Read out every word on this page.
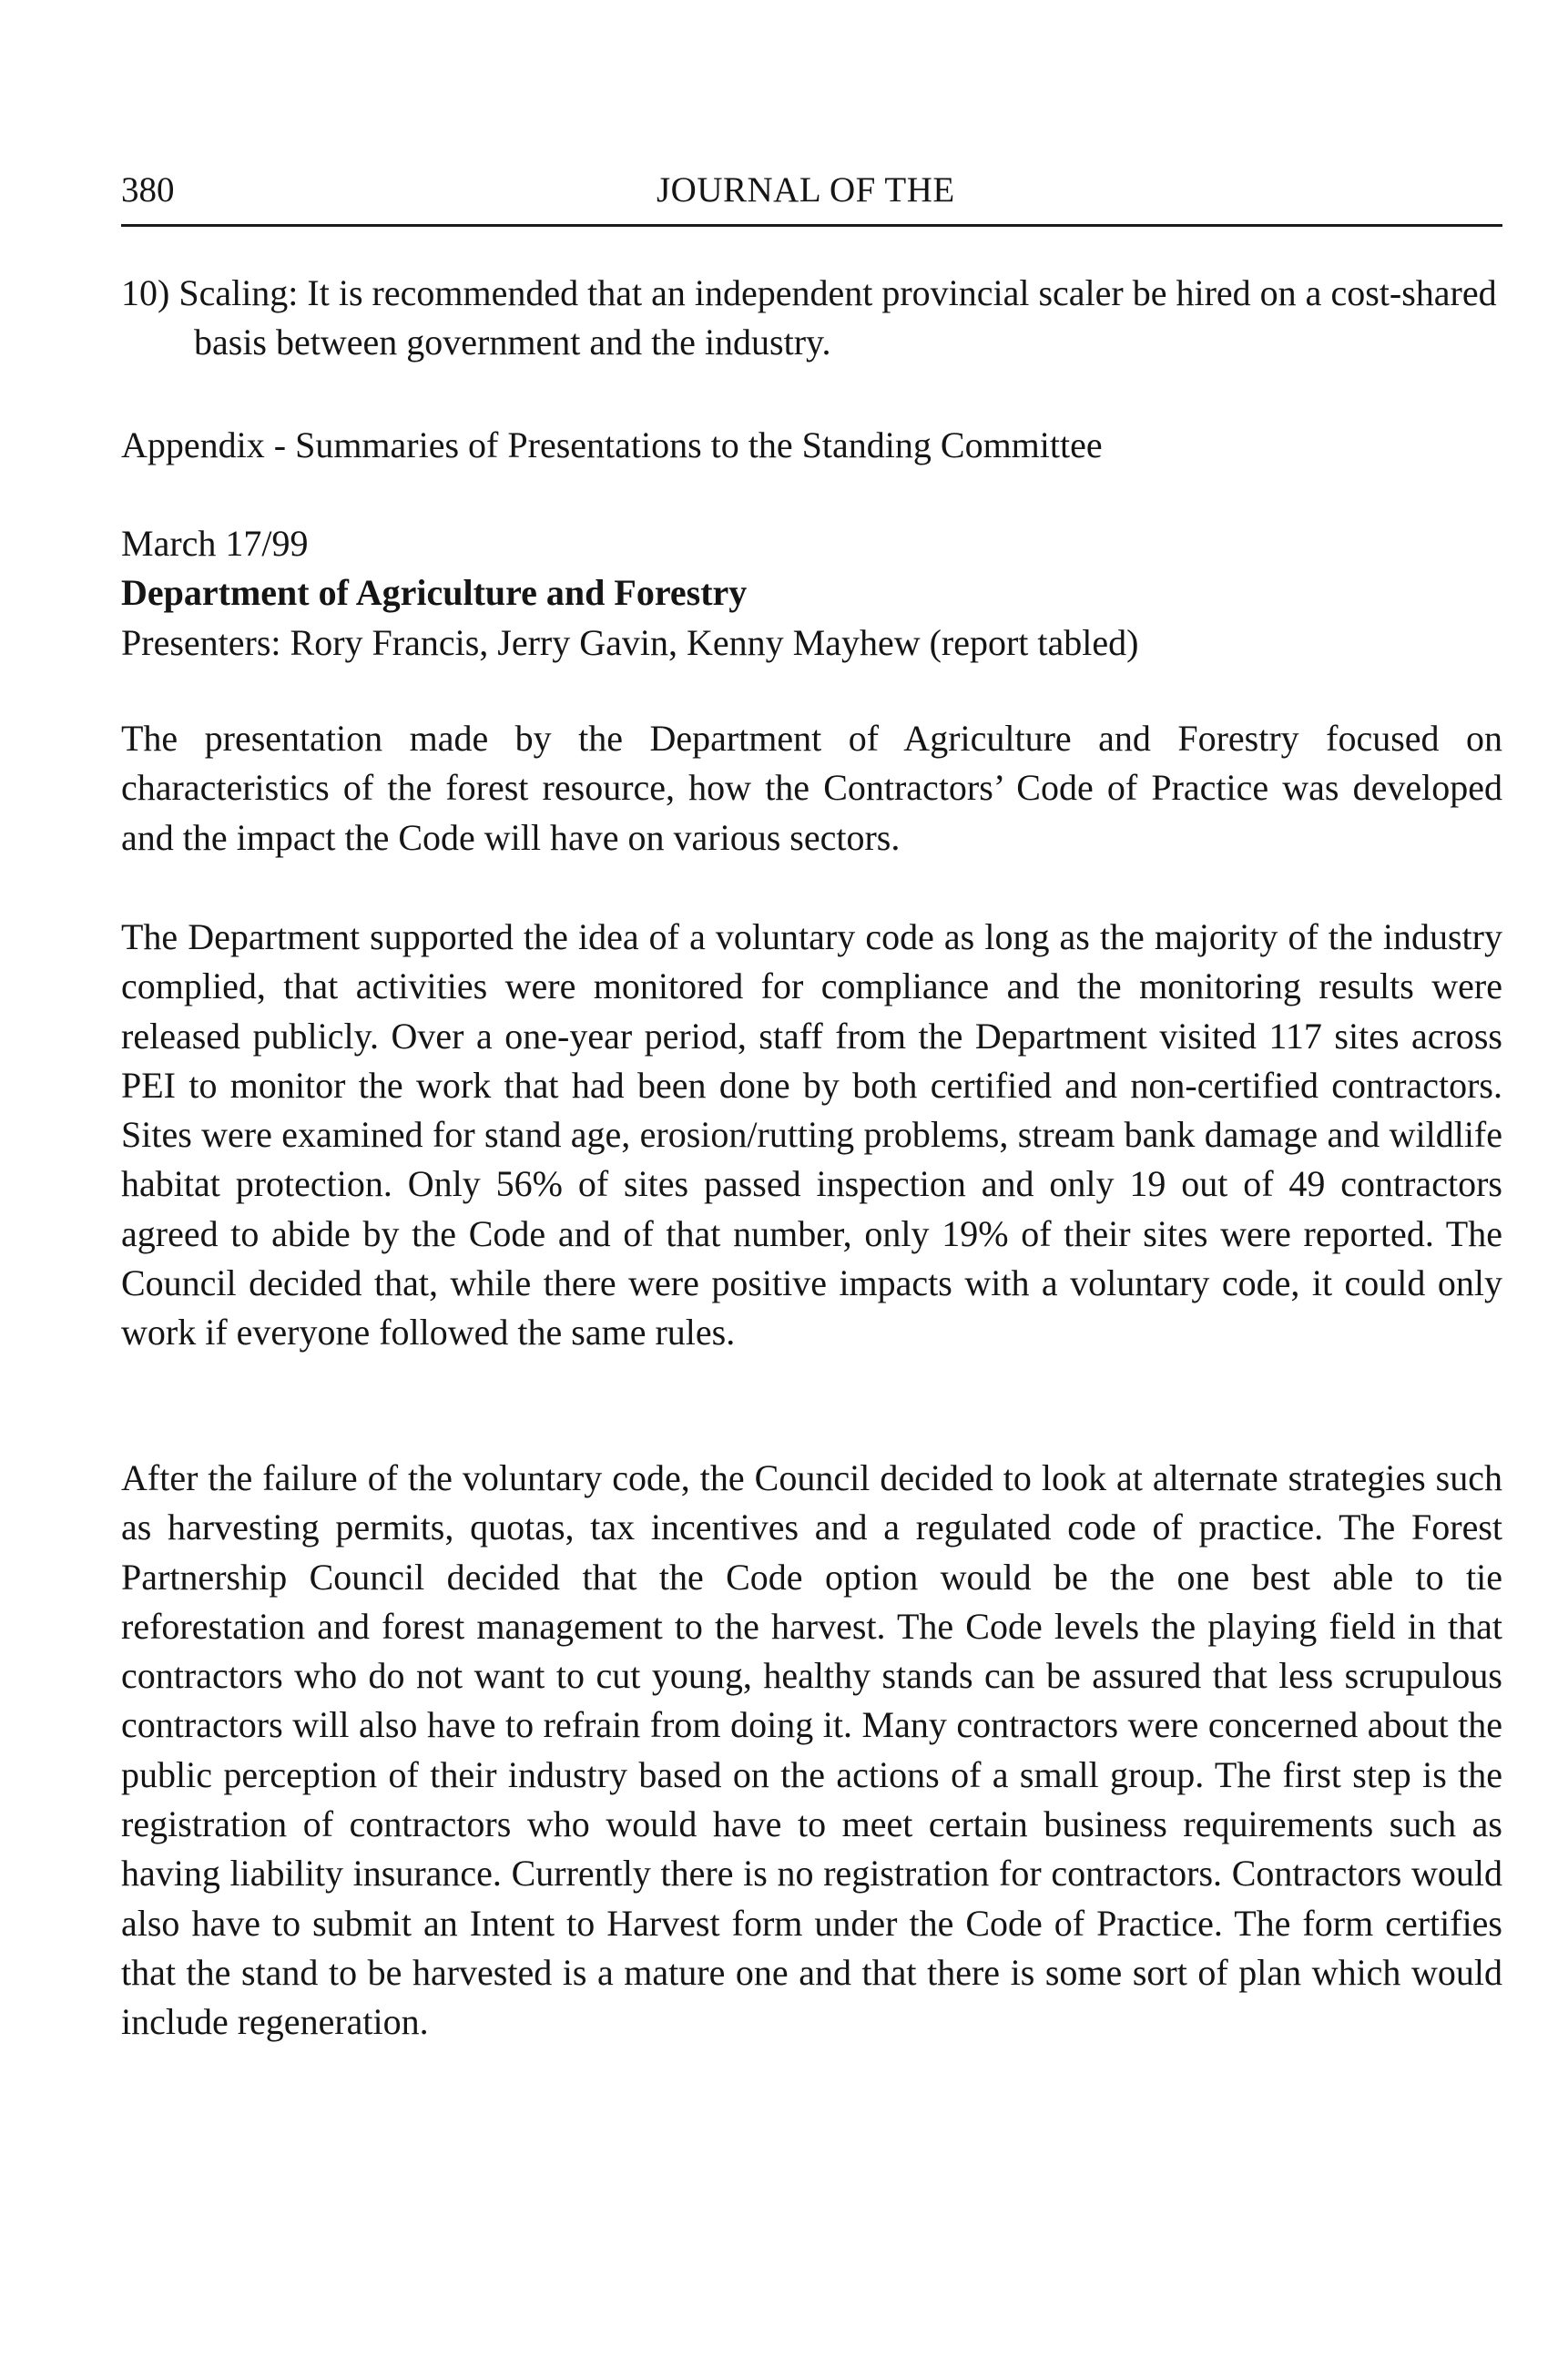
380	JOURNAL OF THE
10) Scaling: It is recommended that an independent provincial scaler be hired on a cost-shared basis between government and the industry.
Appendix - Summaries of Presentations to the Standing Committee
March 17/99
Department of Agriculture and Forestry
Presenters: Rory Francis, Jerry Gavin, Kenny Mayhew (report tabled)

The presentation made by the Department of Agriculture and Forestry focused on characteristics of the forest resource, how the Contractors’ Code of Practice was developed and the impact the Code will have on various sectors.

The Department supported the idea of a voluntary code as long as the majority of the industry complied, that activities were monitored for compliance and the monitoring results were released publicly. Over a one-year period, staff from the Department visited 117 sites across PEI to monitor the work that had been done by both certified and non-certified contractors. Sites were examined for stand age, erosion/rutting problems, stream bank damage and wildlife habitat protection. Only 56% of sites passed inspection and only 19 out of 49 contractors agreed to abide by the Code and of that number, only 19% of their sites were reported. The Council decided that, while there were positive impacts with a voluntary code, it could only work if everyone followed the same rules.

After the failure of the voluntary code, the Council decided to look at alternate strategies such as harvesting permits, quotas, tax incentives and a regulated code of practice. The Forest Partnership Council decided that the Code option would be the one best able to tie reforestation and forest management to the harvest. The Code levels the playing field in that contractors who do not want to cut young, healthy stands can be assured that less scrupulous contractors will also have to refrain from doing it. Many contractors were concerned about the public perception of their industry based on the actions of a small group. The first step is the registration of contractors who would have to meet certain business requirements such as having liability insurance. Currently there is no registration for contractors. Contractors would also have to submit an Intent to Harvest form under the Code of Practice. The form certifies that the stand to be harvested is a mature one and that there is some sort of plan which would include regeneration.
